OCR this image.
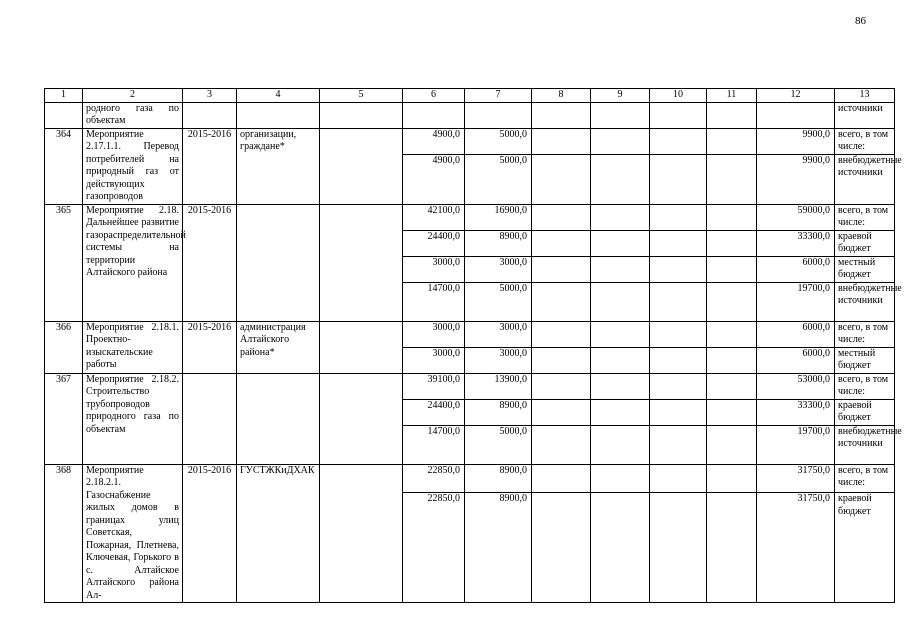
86
1	2	3	4	5	6	7	8	9	10	11	12	13
	родного газа по объектам											источники
364	Мероприятие 2.17.1.1. Перевод потребителей на природный газ от действующих газопроводов	2015-2016	организации, граждане*		4900,0	5000,0					9900,0	всего, в том числе:
					4900,0	5000,0					9900,0	внебюджетные источники
365	Мероприятие 2.18. Дальнейшее развитие газораспределительной системы на территории Алтайского района	2015-2016			42100,0	16900,0					59000,0	всего, в том числе:
					24400,0	8900,0					33300,0	краевой бюджет
					3000,0	3000,0					6000,0	местный бюджет
					14700,0	5000,0					19700,0	внебюджетные источники
366	Мероприятие 2.18.1. Проектно-изыскательские работы	2015-2016	администрация Алтайского района*		3000,0	3000,0					6000,0	всего, в том числе:
					3000,0	3000,0					6000,0	местный бюджет
367	Мероприятие 2.18.2. Строительство трубопроводов природного газа по объектам				39100,0	13900,0					53000,0	всего, в том числе:
					24400,0	8900,0					33300,0	краевой бюджет
					14700,0	5000,0					19700,0	внебюджетные источники
368	Мероприятие 2.18.2.1. Газоснабжение жилых домов в границах улиц Советская, Пожарная, Плетнева, Ключевая, Горького в с. Алтайское Алтайского района Ал-	2015-2016	ГУСТЖКиДХАК		22850,0	8900,0					31750,0	всего, в том числе:
					22850,0	8900,0					31750,0	краевой бюджет
